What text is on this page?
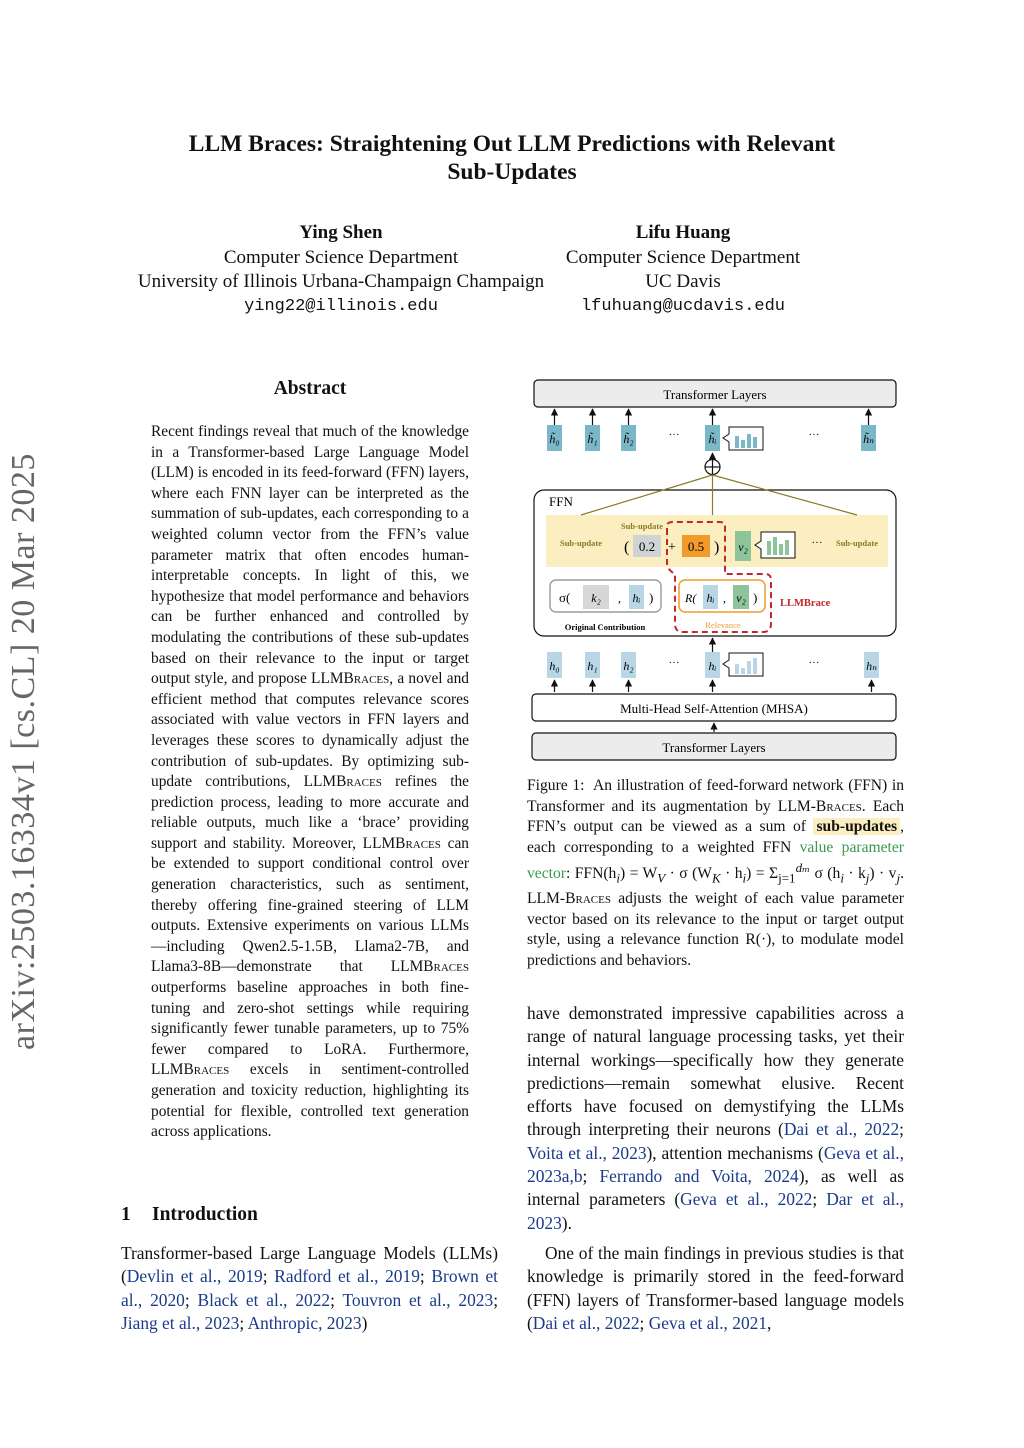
LLM Braces: Straightening Out LLM Predictions with Relevant
Sub-Updates
Ying Shen
Computer Science Department
University of Illinois Urbana-Champaign Champaign
ying22@illinois.edu
Lifu Huang
Computer Science Department
UC Davis
lfuhuang@ucdavis.edu
arXiv:2503.16334v1 [cs.CL] 20 Mar 2025
Abstract
Recent findings reveal that much of the knowledge in a Transformer-based Large Language Model (LLM) is encoded in its feed-forward (FFN) layers, where each FNN layer can be interpreted as the summation of sub-updates, each corresponding to a weighted column vector from the FFN’s value parameter matrix that often encodes human-interpretable concepts. In light of this, we hypothesize that model performance and behaviors can be further enhanced and controlled by modulating the contributions of these sub-updates based on their relevance to the input or target output style, and propose LLMBraces, a novel and efficient method that computes relevance scores associated with value vectors in FFN layers and leverages these scores to dynamically adjust the contribution of sub-updates. By optimizing sub-update contributions, LLMBraces refines the prediction process, leading to more accurate and reliable outputs, much like a ‘brace’ providing support and stability. Moreover, LLMBraces can be extended to support conditional control over generation characteristics, such as sentiment, thereby offering fine-grained steering of LLM outputs. Extensive experiments on various LLMs—including Qwen2.5-1.5B, Llama2-7B, and Llama3-8B—demonstrate that LLMBraces outperforms baseline approaches in both fine-tuning and zero-shot settings while requiring significantly fewer tunable parameters, up to 75% fewer compared to LoRA. Furthermore, LLMBraces excels in sentiment-controlled generation and toxicity reduction, highlighting its potential for flexible, controlled text generation across applications.
1 Introduction
Transformer-based Large Language Models (LLMs) (Devlin et al., 2019; Radford et al., 2019; Brown et al., 2020; Black et al., 2022; Touvron et al., 2023; Jiang et al., 2023; Anthropic, 2023)
Transformer Layers
h̃₀ h̃₁ h̃₂	··· h̃ᵢ	···	h̃ₙ
FFN
Sub-update	Sub-update
Sub-update
···
( 0.2 + 0.5 ) v₂
LLMBrace
σ( k₂ , hᵢ )
Original Contribution
R( hᵢ , v₂ )
Relevance
h₀ h₁ h₂	··· hᵢ	···	hₙ
Multi-Head Self-Attention (MHSA)
Transformer Layers
Figure 1: An illustration of feed-forward network (FFN) in Transformer and its augmentation by LLM-Braces. Each FFN’s output can be viewed as a sum of sub-updates , each corresponding to a weighted FFN value parameter vector: $FFN(h_i) = W_V \cdot \sigma$ $(W_K \cdot h_i) = \Sigma_{j=1}^{d_m}$ σ $(h_i \cdot k_j) \cdot v_j$. LLM-Braces adjusts the weight of each value parameter vector based on its relevance to the input or target output style, using a relevance function R(·), to modulate model predictions and behaviors.
have demonstrated impressive capabilities across a range of natural language processing tasks, yet their internal workings—specifically how they generate predictions—remain somewhat elusive. Recent efforts have focused on demystifying the LLMs through interpreting their neurons (Dai et al., 2022; Voita et al., 2023), attention mechanisms (Geva et al., 2023a,b; Ferrando and Voita, 2024), as well as internal parameters (Geva et al., 2022; Dar et al., 2023).
One of the main findings in previous studies is that knowledge is primarily stored in the feed-forward (FFN) layers of Transformer-based language models (Dai et al., 2022; Geva et al., 2021,
